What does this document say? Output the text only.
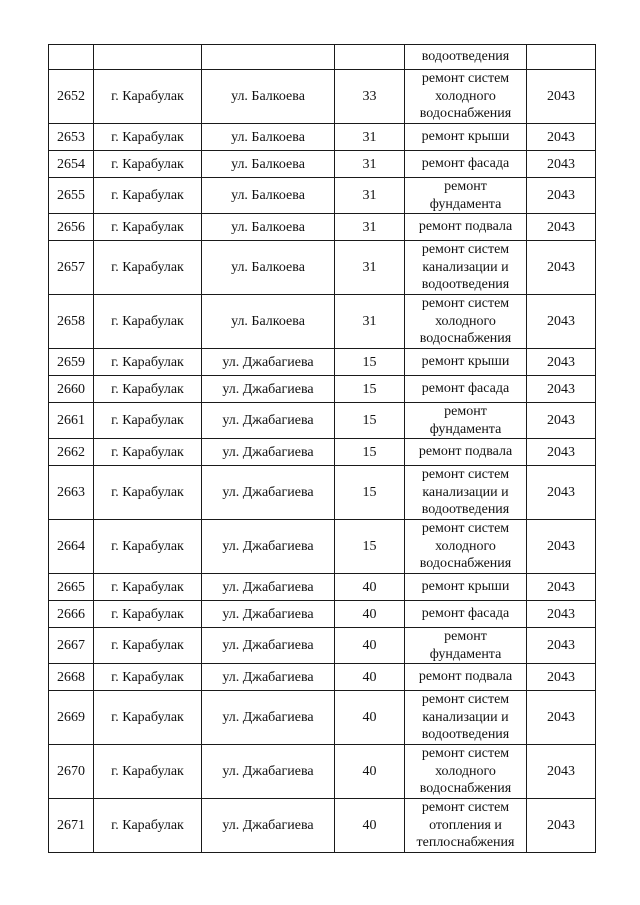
				водоотведения	
2652	г. Карабулак	ул. Балкоева	33	ремонт систем
холодного
водоснабжения	2043
2653	г. Карабулак	ул. Балкоева	31	ремонт крыши	2043
2654	г. Карабулак	ул. Балкоева	31	ремонт фасада	2043
2655	г. Карабулак	ул. Балкоева	31	ремонт
фундамента	2043
2656	г. Карабулак	ул. Балкоева	31	ремонт подвала	2043
2657	г. Карабулак	ул. Балкоева	31	ремонт систем
канализации и
водоотведения	2043
2658	г. Карабулак	ул. Балкоева	31	ремонт систем
холодного
водоснабжения	2043
2659	г. Карабулак	ул. Джабагиева	15	ремонт крыши	2043
2660	г. Карабулак	ул. Джабагиева	15	ремонт фасада	2043
2661	г. Карабулак	ул. Джабагиева	15	ремонт
фундамента	2043
2662	г. Карабулак	ул. Джабагиева	15	ремонт подвала	2043
2663	г. Карабулак	ул. Джабагиева	15	ремонт систем
канализации и
водоотведения	2043
2664	г. Карабулак	ул. Джабагиева	15	ремонт систем
холодного
водоснабжения	2043
2665	г. Карабулак	ул. Джабагиева	40	ремонт крыши	2043
2666	г. Карабулак	ул. Джабагиева	40	ремонт фасада	2043
2667	г. Карабулак	ул. Джабагиева	40	ремонт
фундамента	2043
2668	г. Карабулак	ул. Джабагиева	40	ремонт подвала	2043
2669	г. Карабулак	ул. Джабагиева	40	ремонт систем
канализации и
водоотведения	2043
2670	г. Карабулак	ул. Джабагиева	40	ремонт систем
холодного
водоснабжения	2043
2671	г. Карабулак	ул. Джабагиева	40	ремонт систем
отопления и
теплоснабжения	2043
